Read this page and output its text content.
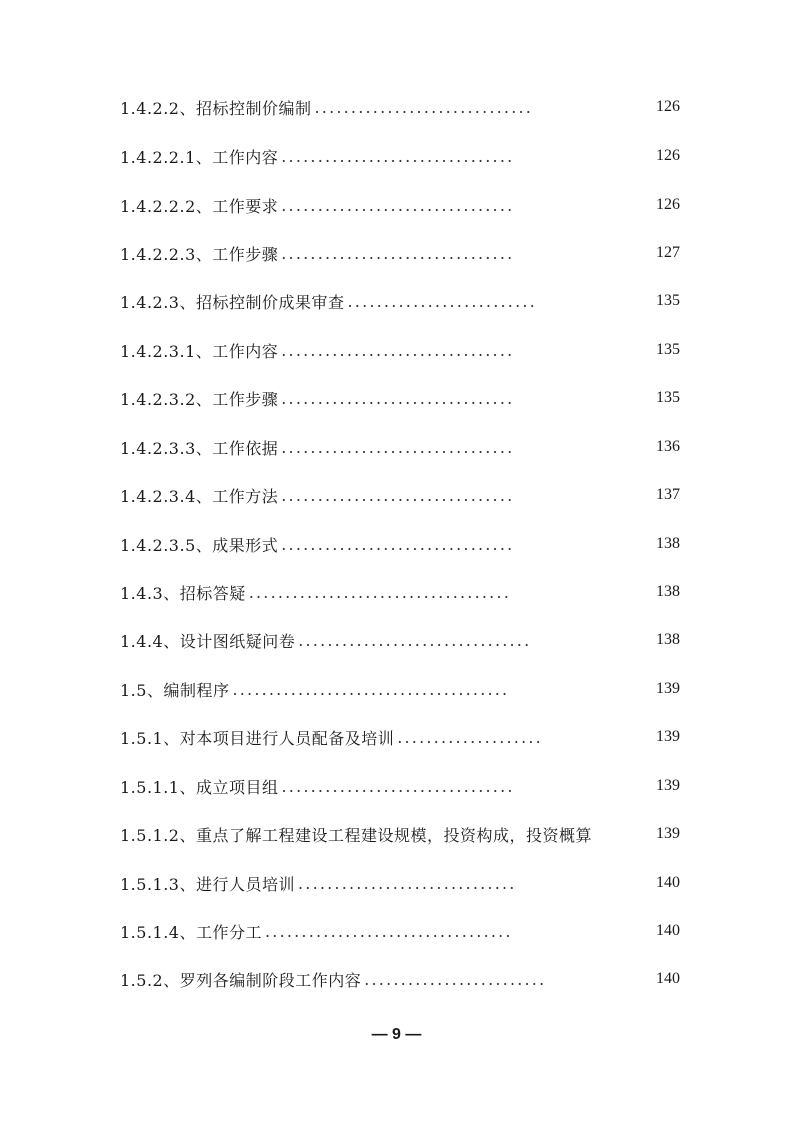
1.4.2.2、 招标控制价编制 ..............................	126
1.4.2.2.1、 工作内容 ................................	126
1.4.2.2.2、 工作要求 ................................	126
1.4.2.2.3、 工作步骤 ................................	127
1.4.2.3、 招标控制价成果审查 ..........................	135
1.4.2.3.1、 工作内容 ................................	135
1.4.2.3.2、 工作步骤 ................................	135
1.4.2.3.3、 工作依据 ................................	136
1.4.2.3.4、 工作方法 ................................	137
1.4.2.3.5、 成果形式 ................................	138
1.4.3、 招标答疑 ....................................	138
1.4.4、 设计图纸疑问卷 ................................	138
1.5、 编制程序 ......................................	139
1.5.1、 对本项目进行人员配备及培训 ....................	139
1.5.1.1、 成立项目组 ................................	139
1.5.1.2、 重点了解工程建设工程建设规模，投资构成，投资概算	139
1.5.1.3、 进行人员培训 ..............................	140
1.5.1.4、 工作分工 ..................................	140
1.5.2、 罗列各编制阶段工作内容 .........................	140
— 9 —
